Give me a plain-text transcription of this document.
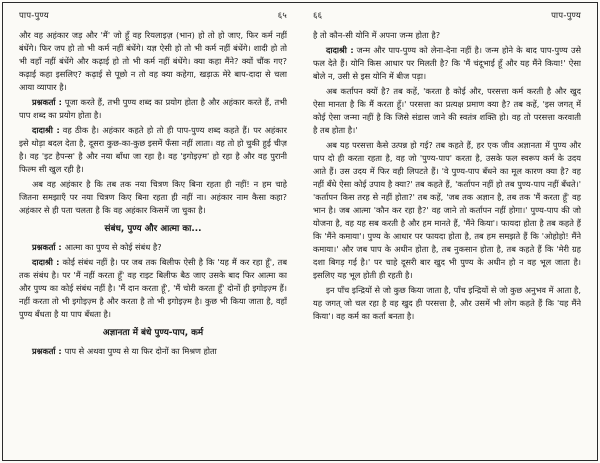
पाप-पुण्य	६५

और वह अहंकार जड़ और 'मैं' जो हूँ वह रियलाइज़ (भान) हो तो हो जाए, फिर कर्म नहीं बंधेंगे। फिर जप हो तो भी कर्म नहीं बंधेंगे। यज्ञ ऐसी हो तो भी कर्म नहीं बंधेंगे। शादी हो तो भी वहाँ नहीं बंधेंगे और कढ़ाई हो तो भी कर्म नहीं बंधेंगे। क्या कहा मैंने? क्यों चौंक गए? कढ़ाई कहा इसलिए? कढ़ाई से पूछो न तो वह क्या कहेगा, खड़ाऊ मेरे बाप-दादा से चला आया व्यापार है।

प्रश्नकर्ता : पूजा करते हैं, तभी पुण्य शब्द का प्रयोग होता है और अहंकार करते हैं, तभी पाप शब्द का प्रयोग होता है।

दादाश्री : वह ठीक है। अहंकार कहते हो तो ही पाप-पुण्य शब्द कहते हैं। पर अहंकार इसे थोड़ा बदल देता है, दूसरा कुछ-का-कुछ इसमें फँसा नहीं लाता। वह तो हो चुकी हुई चीज़ है। वह 'इट हैपन्स' है और नया बाँधा जा रहा है। वह 'इगोइज़्म' हो रहा है और वह पुरानी फिल्म सी खुल रही है।

अब वह अहंकार है कि तब तक नया चित्रण किए बिना रहता ही नहीं! न हम चाहे जितना समझाएँ पर नया चित्रण किए बिना रहता ही नहीं ना। अहंकार नाम कैसा कहा? अहंकार से ही पता चलता है कि वह अहंकार किसमें जा चुका है।

संबंध, पुण्य और आत्मा का...

प्रश्नकर्ता : आत्मा का पुण्य से कोई संबंध है?

दादाश्री : कोई संबंध नहीं है। पर जब तक बिलीफ ऐसी है कि 'यह मैं कर रहा हूँ', तब तक संबंध है। पर 'मैं नहीं करता हूँ' वह राइट बिलीफ बैठ जाए उसके बाद फिर आत्मा का और पुण्य का कोई संबंध नहीं है। 'मैं दान करता हूँ', 'मैं चोरी करता हूँ' दोनों ही इगोइज़्म हैं। नहीं करता तो भी इगोइज़्म है और करता है तो भी इगोइज़्म है। कुछ भी किया जाता है, वहाँ पुण्य बँधता है या पाप बँधता है।

अज्ञानता में बंधे पुण्य-पाप, कर्म

प्रश्नकर्ता : पाप से अथवा पुण्य से या फिर दोनों का मिश्रण होता

६६	पाप-पुण्य

है तो कौन-सी योनि में अपना जन्म होता है?

दादाश्री : जन्म और पाप-पुण्य को लेना-देना नहीं है। जन्म होने के बाद पाप-पुण्य उसे फल देते हैं। योनि किस आधार पर मिलती है? कि 'मैं चंदूभाई हूँ और यह मैंने किया!' ऐसा बोले न, उसी से इस योनि में बीज पड़ा।

अब कर्तापन क्यों है? तब कहें, 'करता है कोई और, परसत्ता कर्म करती है और खुद ऐसा मानता है कि मैं करता हूँ।' परसत्ता का प्रत्यक्ष प्रमाण क्या है? तब कहें, 'इस जगत् में कोई ऐसा जन्मा नहीं है कि जिसे संडास जाने की स्वतंत्र शक्ति हो। वह तो परसत्ता करवाती है तब होता है।'

अब यह परसत्ता कैसे उत्पन्न हो गई? तब कहते हैं, हर एक जीव अज्ञानता में पुण्य और पाप दो ही करता रहता है, वह जो 'पुण्य-पाप' करता है, उसके फल स्वरूप कर्म के उदय आते हैं। उस उदय में फिर वही लिपटते हैं। 'वे पुण्य-पाप बँधने का मूल कारण क्या है? वह नहीं बँधे ऐसा कोई उपाय है क्या?' तब कहते हैं, 'कर्तापन नहीं हो तब पुण्य-पाप नहीं बँधते।' 'कर्तापन किस तरह से नहीं होता?' तब कहें, 'जब तक अज्ञान है, तब तक 'मैं करता हूँ' वह भान है। जब आत्मा 'कौन कर रहा है?' वह जाने तो कर्तापन नहीं होगा।' पुण्य-पाप की जो योजना है, वह यह सब करती है और हम मानते हैं, 'मैंने किया'। फायदा होता है तब कहते हैं कि 'मैंने कमाया'। पुण्य के आधार पर फायदा होता है, तब हम समझते हैं कि 'ओहोहो! मैंने कमाया।' और जब पाप के अधीन होता है, तब नुकसान होता है, तब कहते हैं कि 'मेरी ग्रह दशा बिगड़ गई है।' पर चाहे दूसरी बार खुद भी पुण्य के अधीन हो न वह भूल जाता है। इसलिए यह भूल होती ही रहती है।

इन पाँच इन्द्रियों से जो कुछ किया जाता है, पाँच इन्द्रियों से जो कुछ अनुभव में आता है, यह जगत् जो चल रहा है वह खुद ही परसत्ता है, और उसमें भी लोग कहते हैं कि 'यह मैंने किया'। वह कर्म का कर्ता बनता है।
